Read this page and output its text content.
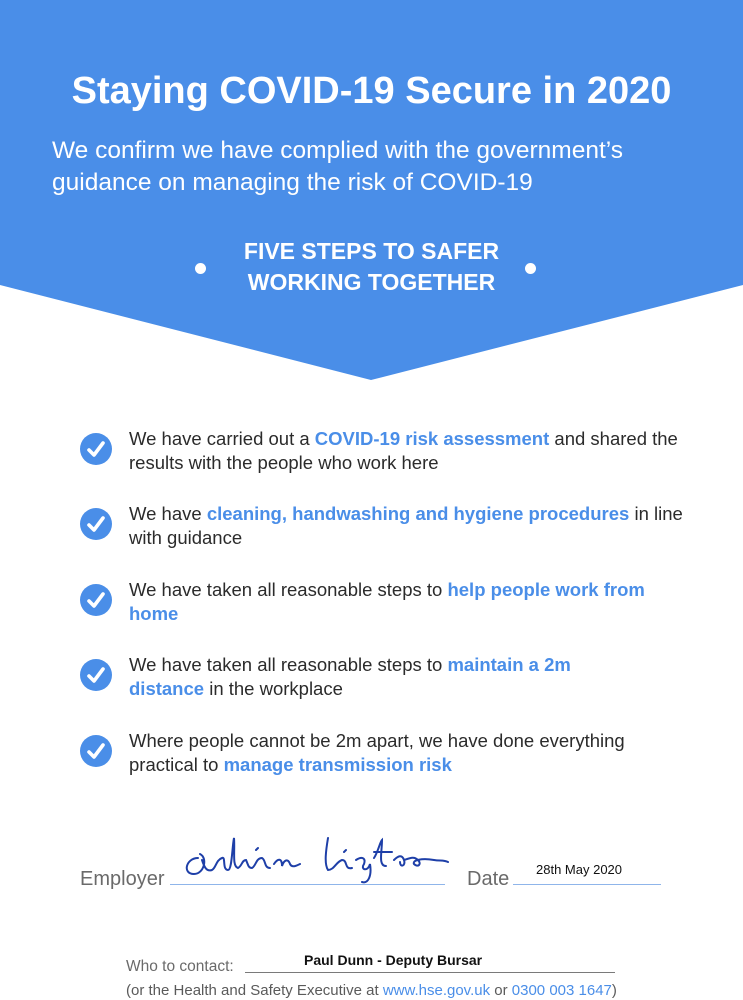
Staying COVID-19 Secure in 2020

We confirm we have complied with the government’s guidance on managing the risk of COVID-19

FIVE STEPS TO SAFER
WORKING TOGETHER
We have carried out a COVID-19 risk assessment and shared the results with the people who work here
We have cleaning, handwashing and hygiene procedures in line with guidance
We have taken all reasonable steps to help people work from home
We have taken all reasonable steps to maintain a 2m distance in the workplace
Where people cannot be 2m apart, we have done everything practical to manage transmission risk
Employer	Date 28th May 2020
Who to contact:	Paul Dunn - Deputy Bursar
(or the Health and Safety Executive at www.hse.gov.uk or 0300 003 1647)
